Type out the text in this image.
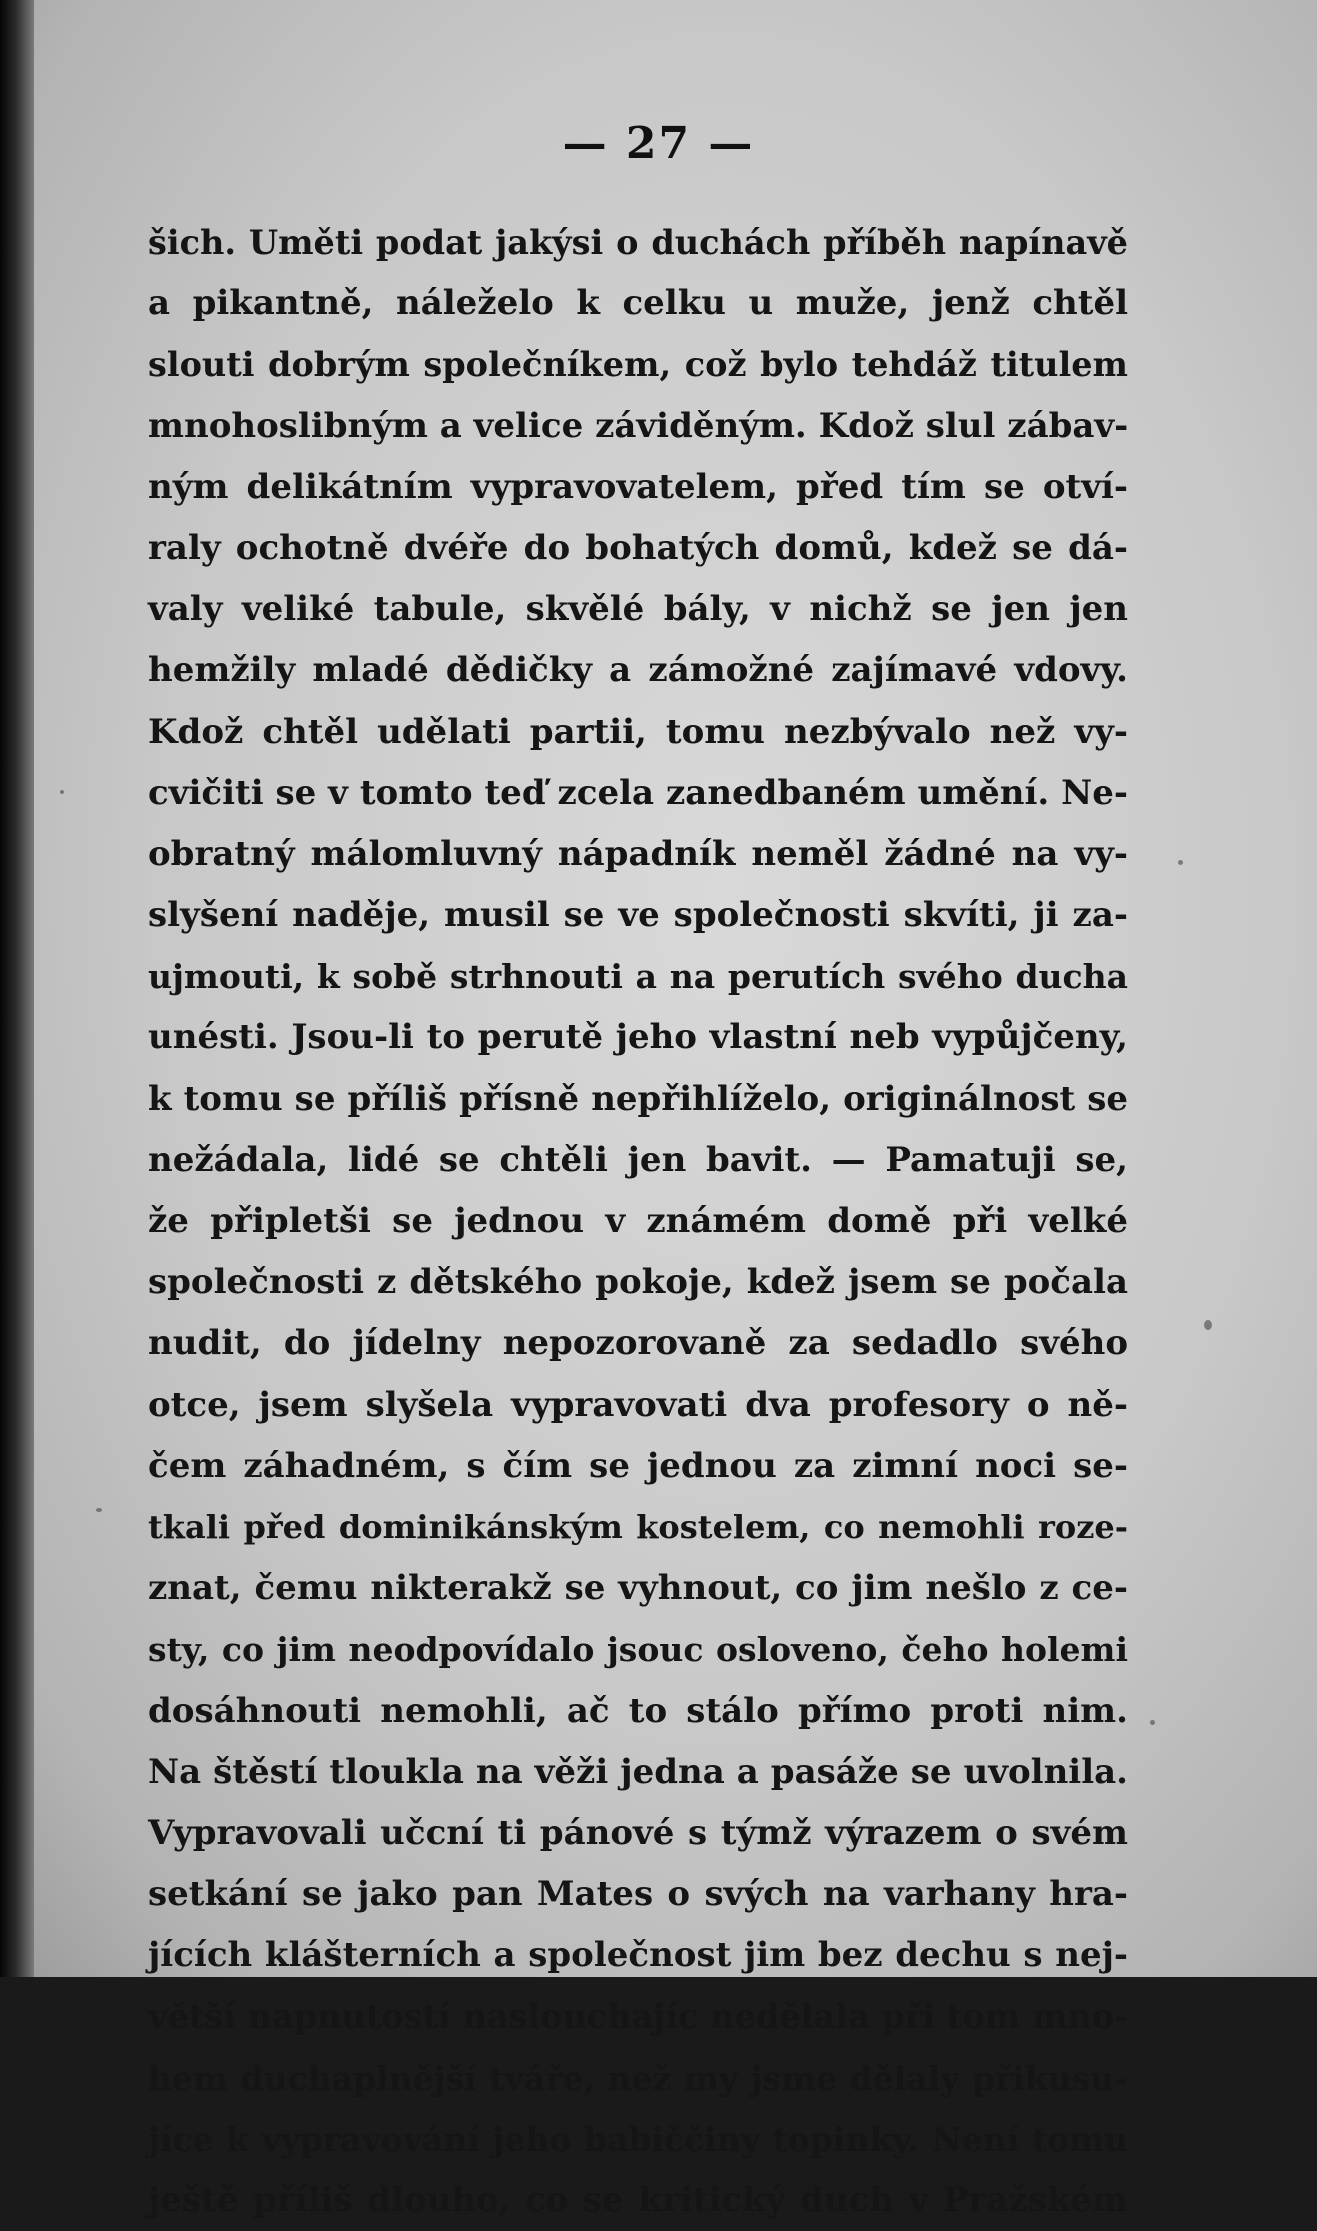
— 27 —
šich. Uměti podat jakýsi o duchách příběh napínavě
a pikantně, náleželo k celku u muže, jenž chtěl
slouti dobrým společníkem, což bylo tehdáž titulem
mnohoslibným a velice záviděným. Kdož slul zábav-
ným delikátním vypravovatelem, před tím se otví-
raly ochotně dvéře do bohatých domů, kdež se dá-
valy veliké tabule, skvělé bály, v nichž se jen jen
hemžily mladé dědičky a zámožné zajímavé vdovy.
Kdož chtěl udělati partii, tomu nezbývalo než vy-
cvičiti se v tomto teď zcela zanedbaném umění. Ne-
obratný málomluvný nápadník neměl žádné na vy-
slyšení naděje, musil se ve společnosti skvíti, ji za-
ujmouti, k sobě strhnouti a na perutích svého ducha
unésti. Jsou-li to perutě jeho vlastní neb vypůjčeny,
k tomu se příliš přísně nepřihlíželo, originálnost se
nežádala, lidé se chtěli jen bavit. — Pamatuji se,
že připletši se jednou v známém domě při velké
společnosti z dětského pokoje, kdež jsem se počala
nudit, do jídelny nepozorovaně za sedadlo svého
otce, jsem slyšela vypravovati dva profesory o ně-
čem záhadném, s čím se jednou za zimní noci se-
tkali před dominikánským kostelem, co nemohli roze-
znat, čemu nikterakž se vyhnout, co jim nešlo z ce-
sty, co jim neodpovídalo jsouc osloveno, čeho holemi
dosáhnouti nemohli, ač to stálo přímo proti nim.
Na štěstí tloukla na věži jedna a pasáže se uvolnila.
Vypravovali učcní ti pánové s týmž výrazem o svém
setkání se jako pan Mates o svých na varhany hra-
jících klášterních a společnost jim bez dechu s nej-
větší napnutostí naslouchajíc nedělala při tom mno-
hem duchaplnější tváře, než my jsme dělaly přikusu-
jíce k vypravování jeho babiččiny topinky. Není tomu
ještě příliš dlouho, co se kritický duch v Pražském
